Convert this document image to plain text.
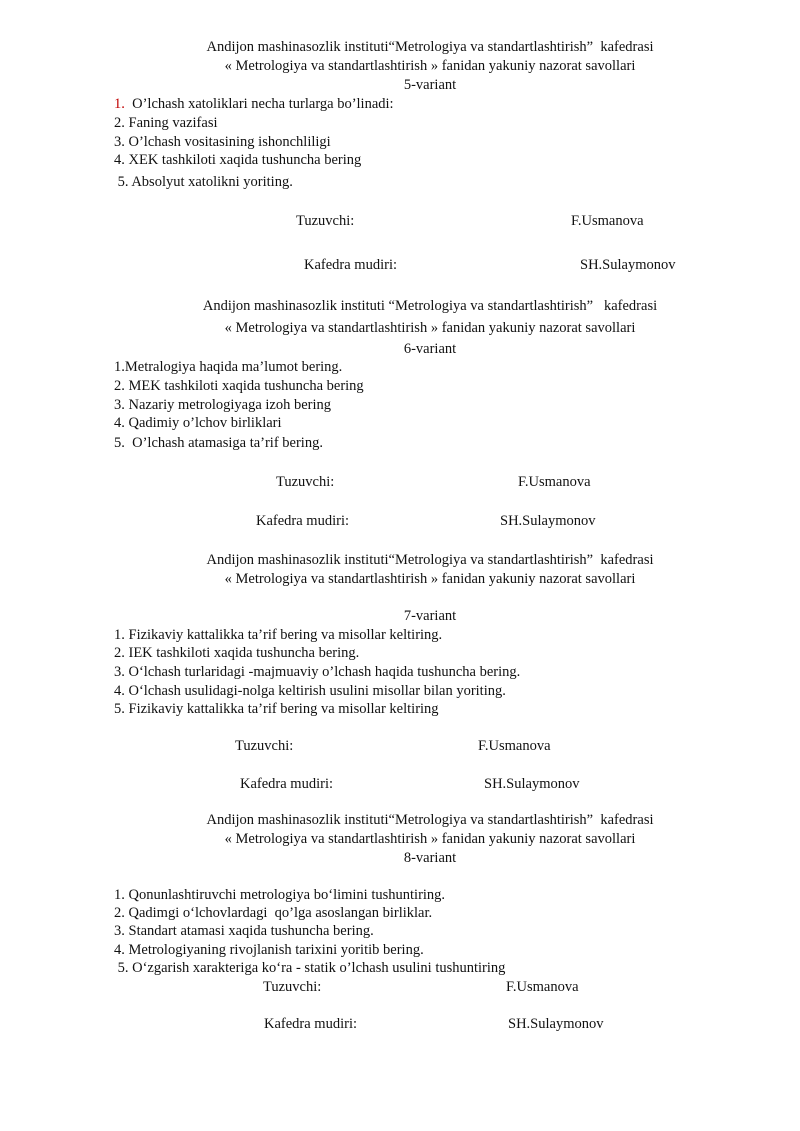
Andijon mashinasozlik instituti“Metrologiya va standartlashtirish”  kafedrasi
« Metrologiya va standartlashtirish » fanidan yakuniy nazorat savollari
5-variant
1.  O’lchash xatoliklari necha turlarga bo’linadi:
2. Faning vazifasi
3. O’lchash vositasining ishonchliligi
4. XEK tashkiloti xaqida tushuncha bering
5. Absolyut xatolikni yoriting.
Tuzuvchi:	F.Usmanova
Kafedra mudiri:	SH.Sulaymonov
Andijon mashinasozlik instituti “Metrologiya va standartlashtirish”   kafedrasi
« Metrologiya va standartlashtirish » fanidan yakuniy nazorat savollari
6-variant
1.Metralogiya haqida ma’lumot bering.
2. MEK tashkiloti xaqida tushuncha bering
3. Nazariy metrologiyaga izoh bering
4. Qadimiy o’lchov birliklari
5.  O’lchash atamasiga ta’rif bering.
Tuzuvchi:	F.Usmanova
Kafedra mudiri:	SH.Sulaymonov
Andijon mashinasozlik instituti“Metrologiya va standartlashtirish”  kafedrasi
« Metrologiya va standartlashtirish » fanidan yakuniy nazorat savollari
7-variant
1. Fizikaviy kattalikka ta’rif bering va misollar keltiring.
2. IEK tashkiloti xaqida tushuncha bering.
3. O‘lchash turlaridagi -majmuaviy o’lchash haqida tushuncha bering.
4. O‘lchash usulidagi-nolga keltirish usulini misollar bilan yoriting.
5. Fizikaviy kattalikka ta’rif bering va misollar keltiring
Tuzuvchi:	F.Usmanova
Kafedra mudiri:	SH.Sulaymonov
Andijon mashinasozlik instituti“Metrologiya va standartlashtirish”  kafedrasi
« Metrologiya va standartlashtirish » fanidan yakuniy nazorat savollari
8-variant
1. Qonunlashtiruvchi metrologiya bo‘limini tushuntiring.
2. Qadimgi o‘lchovlardagi  qo’lga asoslangan birliklar.
3. Standart atamasi xaqida tushuncha bering.
4. Metrologiyaning rivojlanish tarixini yoritib bering.
5. O‘zgarish xarakteriga ko‘ra - statik o’lchash usulini tushuntiring
Tuzuvchi:	F.Usmanova
Kafedra mudiri:	SH.Sulaymonov
